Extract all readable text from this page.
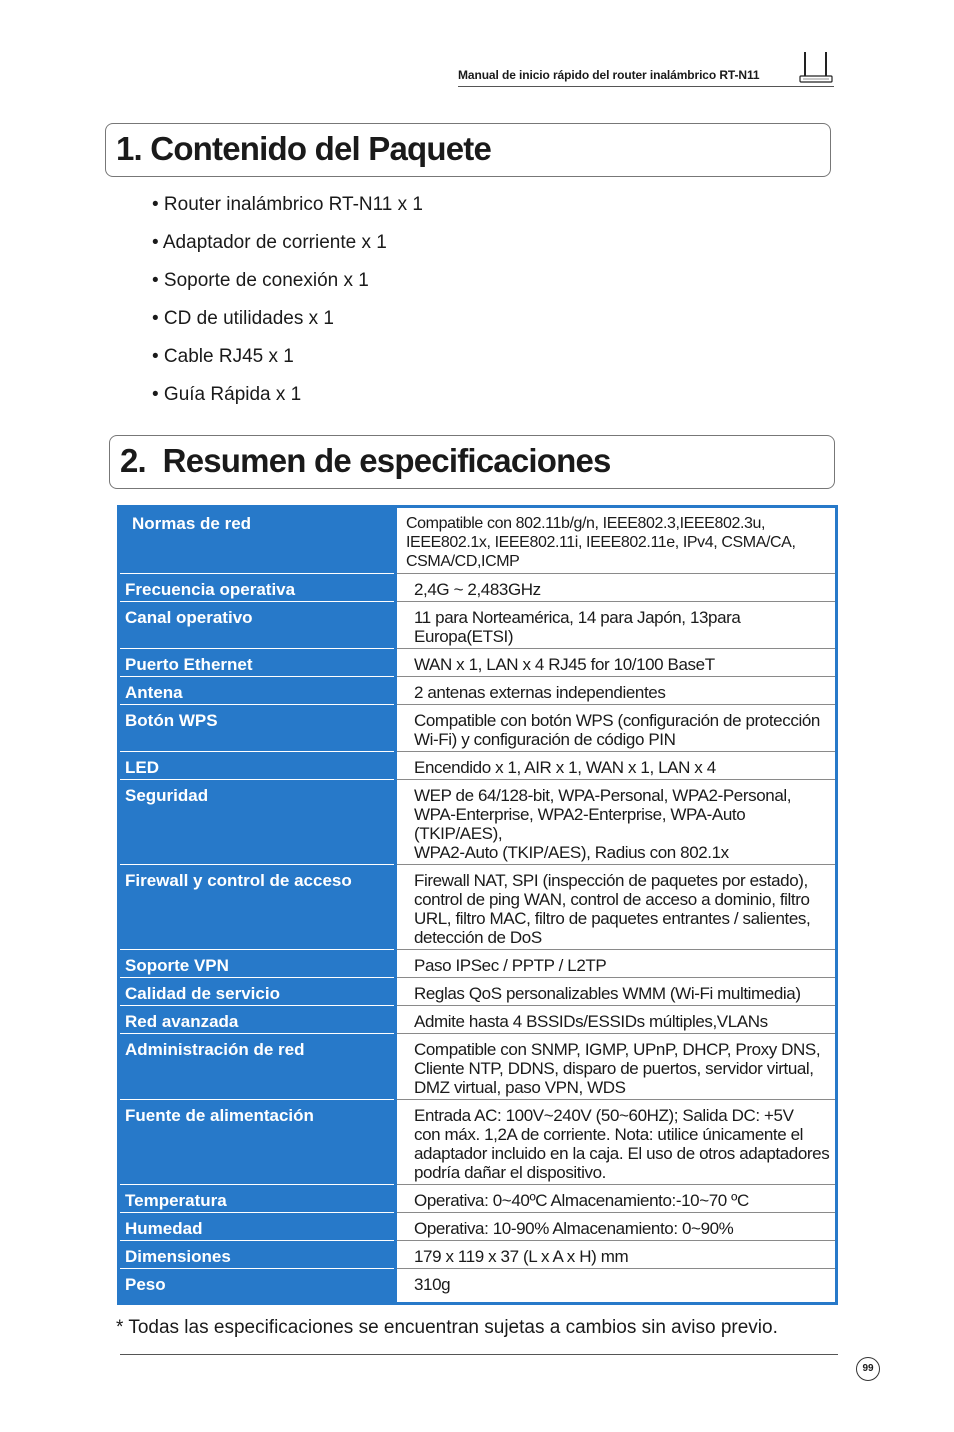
Manual de inicio rápido del router inalámbrico RT-N11
1. Contenido del Paquete
• Router inalámbrico RT-N11 x 1
• Adaptador de corriente x 1
• Soporte de conexión x 1
• CD de utilidades x 1
• Cable RJ45 x 1
• Guía Rápida x 1
2.  Resumen de especificaciones
Normas de red	Compatible con 802.11b/g/n, IEEE802.3,IEEE802.3u,
IEEE802.1x, IEEE802.11i, IEEE802.11e, IPv4, CSMA/CA,
CSMA/CD,ICMP

Frecuencia operativa	2,4G ~ 2,483GHz

Canal operativo	11 para Norteamérica, 14 para Japón, 13para Europa(ETSI)

Puerto Ethernet	WAN x 1, LAN x 4 RJ45 for 10/100 BaseT

Antena	2 antenas externas independientes

Botón WPS	Compatible con botón WPS (configuración de protección
Wi-Fi) y configuración de código PIN

LED	Encendido x 1, AIR x 1, WAN x 1, LAN x 4

Seguridad	WEP de 64/128-bit, WPA-Personal, WPA2-Personal,
WPA-Enterprise, WPA2-Enterprise, WPA-Auto (TKIP/AES),
WPA2-Auto (TKIP/AES), Radius con 802.1x

Firewall y control de acceso	Firewall NAT, SPI (inspección de paquetes por estado),
control de ping WAN, control de acceso a dominio, filtro
URL, filtro MAC, filtro de paquetes entrantes / salientes,
detección de DoS

Soporte VPN	Paso IPSec / PPTP / L2TP

Calidad de servicio	Reglas QoS personalizables WMM (Wi-Fi multimedia)

Red avanzada	Admite hasta 4 BSSIDs/ESSIDs múltiples,VLANs

Administración de red	Compatible con SNMP, IGMP, UPnP, DHCP, Proxy DNS,
Cliente NTP, DDNS, disparo de puertos, servidor virtual,
DMZ virtual, paso VPN, WDS

Fuente de alimentación	Entrada AC: 100V~240V (50~60HZ); Salida DC: +5V
con máx. 1,2A de corriente. Nota: utilice únicamente el
adaptador incluido en la caja. El uso de otros adaptadores
podría dañar el dispositivo.

Temperatura	Operativa: 0~40ºC Almacenamiento:-10~70 ºC

Humedad	Operativa: 10-90% Almacenamiento: 0~90%

Dimensiones	179 x 119 x 37 (L x A x H) mm

Peso	310g
* Todas las especificaciones se encuentran sujetas a cambios sin aviso previo.
99
